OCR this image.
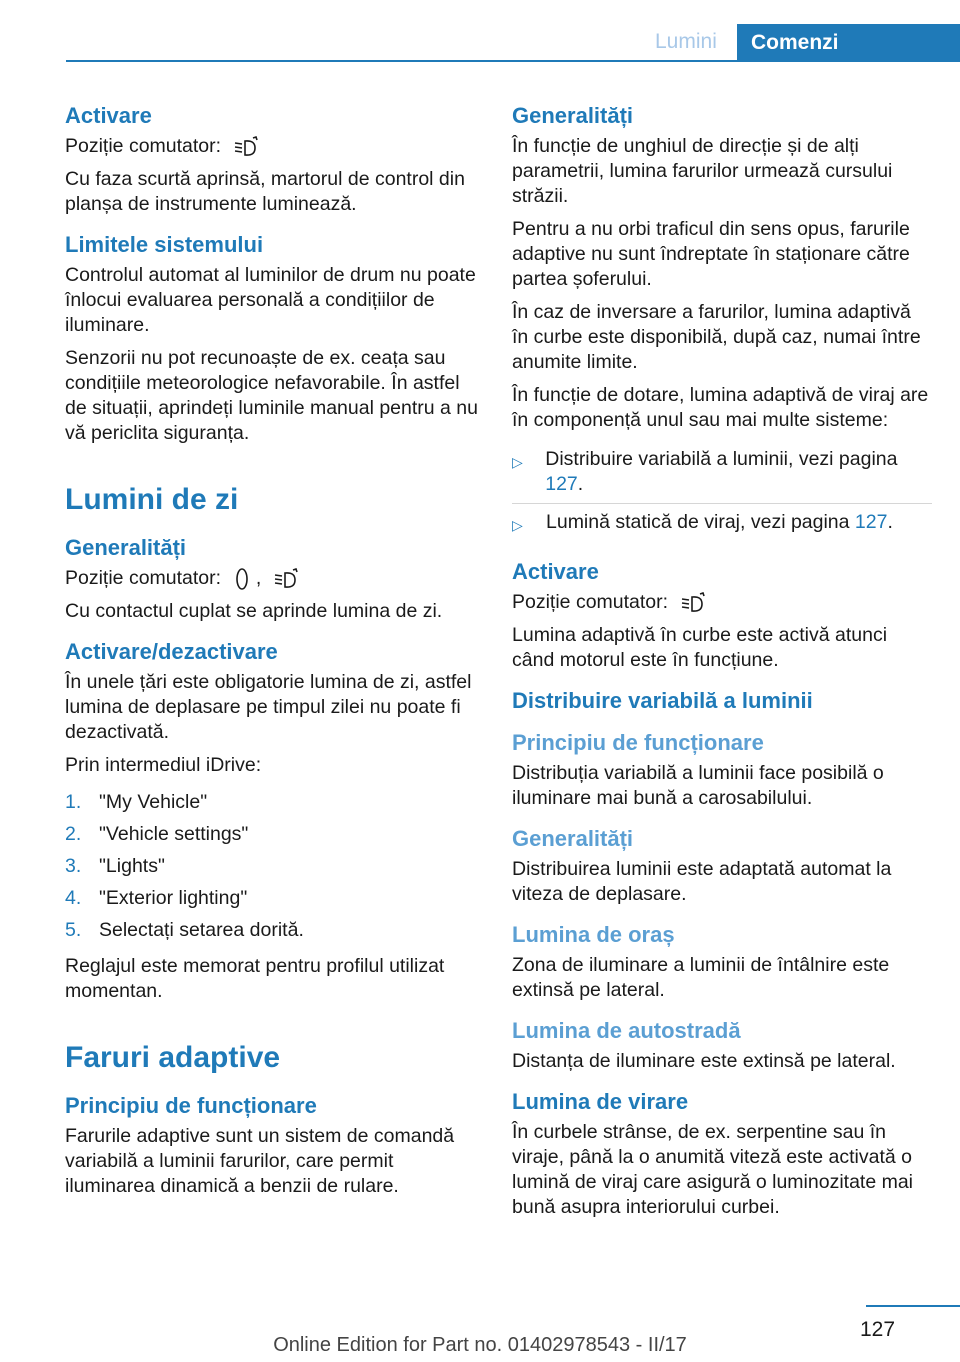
Lumini	Comenzi
Activare
Poziție comutator:
Cu faza scurtă aprinsă, martorul de control din planșa de instrumente luminează.
Limitele sistemului
Controlul automat al luminilor de drum nu poate înlocui evaluarea personală a condițiilor de iluminare.
Senzorii nu pot recunoaște de ex. ceața sau condițiile meteorologice nefavorabile. În astfel de situații, aprindeți luminile manual pentru a nu vă periclita siguranța.
Lumini de zi
Generalități
Poziție comutator: ,
Cu contactul cuplat se aprinde lumina de zi.
Activare/dezactivare
În unele țări este obligatorie lumina de zi, astfel lumina de deplasare pe timpul zilei nu poate fi dezactivată.
Prin intermediul iDrive:
1. "My Vehicle"
2. "Vehicle settings"
3. "Lights"
4. "Exterior lighting"
5. Selectați setarea dorită.
Reglajul este memorat pentru profilul utilizat momentan.
Faruri adaptive
Principiu de funcționare
Farurile adaptive sunt un sistem de comandă variabilă a luminii farurilor, care permit iluminarea dinamică a benzii de rulare.
Generalități
În funcție de unghiul de direcție și de alți parametrii, lumina farurilor urmează cursului străzii.
Pentru a nu orbi traficul din sens opus, farurile adaptive nu sunt îndreptate în staționare către partea șoferului.
În caz de inversare a farurilor, lumina adaptivă în curbe este disponibilă, după caz, numai între anumite limite.
În funcție de dotare, lumina adaptivă de viraj are în componență unul sau mai multe sisteme:
▷	Distribuire variabilă a luminii, vezi pagina 127.
▷	Lumină statică de viraj, vezi pagina 127.
Activare
Poziție comutator:
Lumina adaptivă în curbe este activă atunci când motorul este în funcțiune.
Distribuire variabilă a luminii
Principiu de funcționare
Distribuția variabilă a luminii face posibilă o iluminare mai bună a carosabilului.
Generalități
Distribuirea luminii este adaptată automat la viteza de deplasare.
Lumina de oraș
Zona de iluminare a luminii de întâlnire este extinsă pe lateral.
Lumina de autostradă
Distanța de iluminare este extinsă pe lateral.
Lumina de virare
În curbele strânse, de ex. serpentine sau în viraje, până la o anumită viteză este activată o lumină de viraj care asigură o luminozitate mai bună asupra interiorului curbei.
127
Online Edition for Part no. 01402978543 - II/17
